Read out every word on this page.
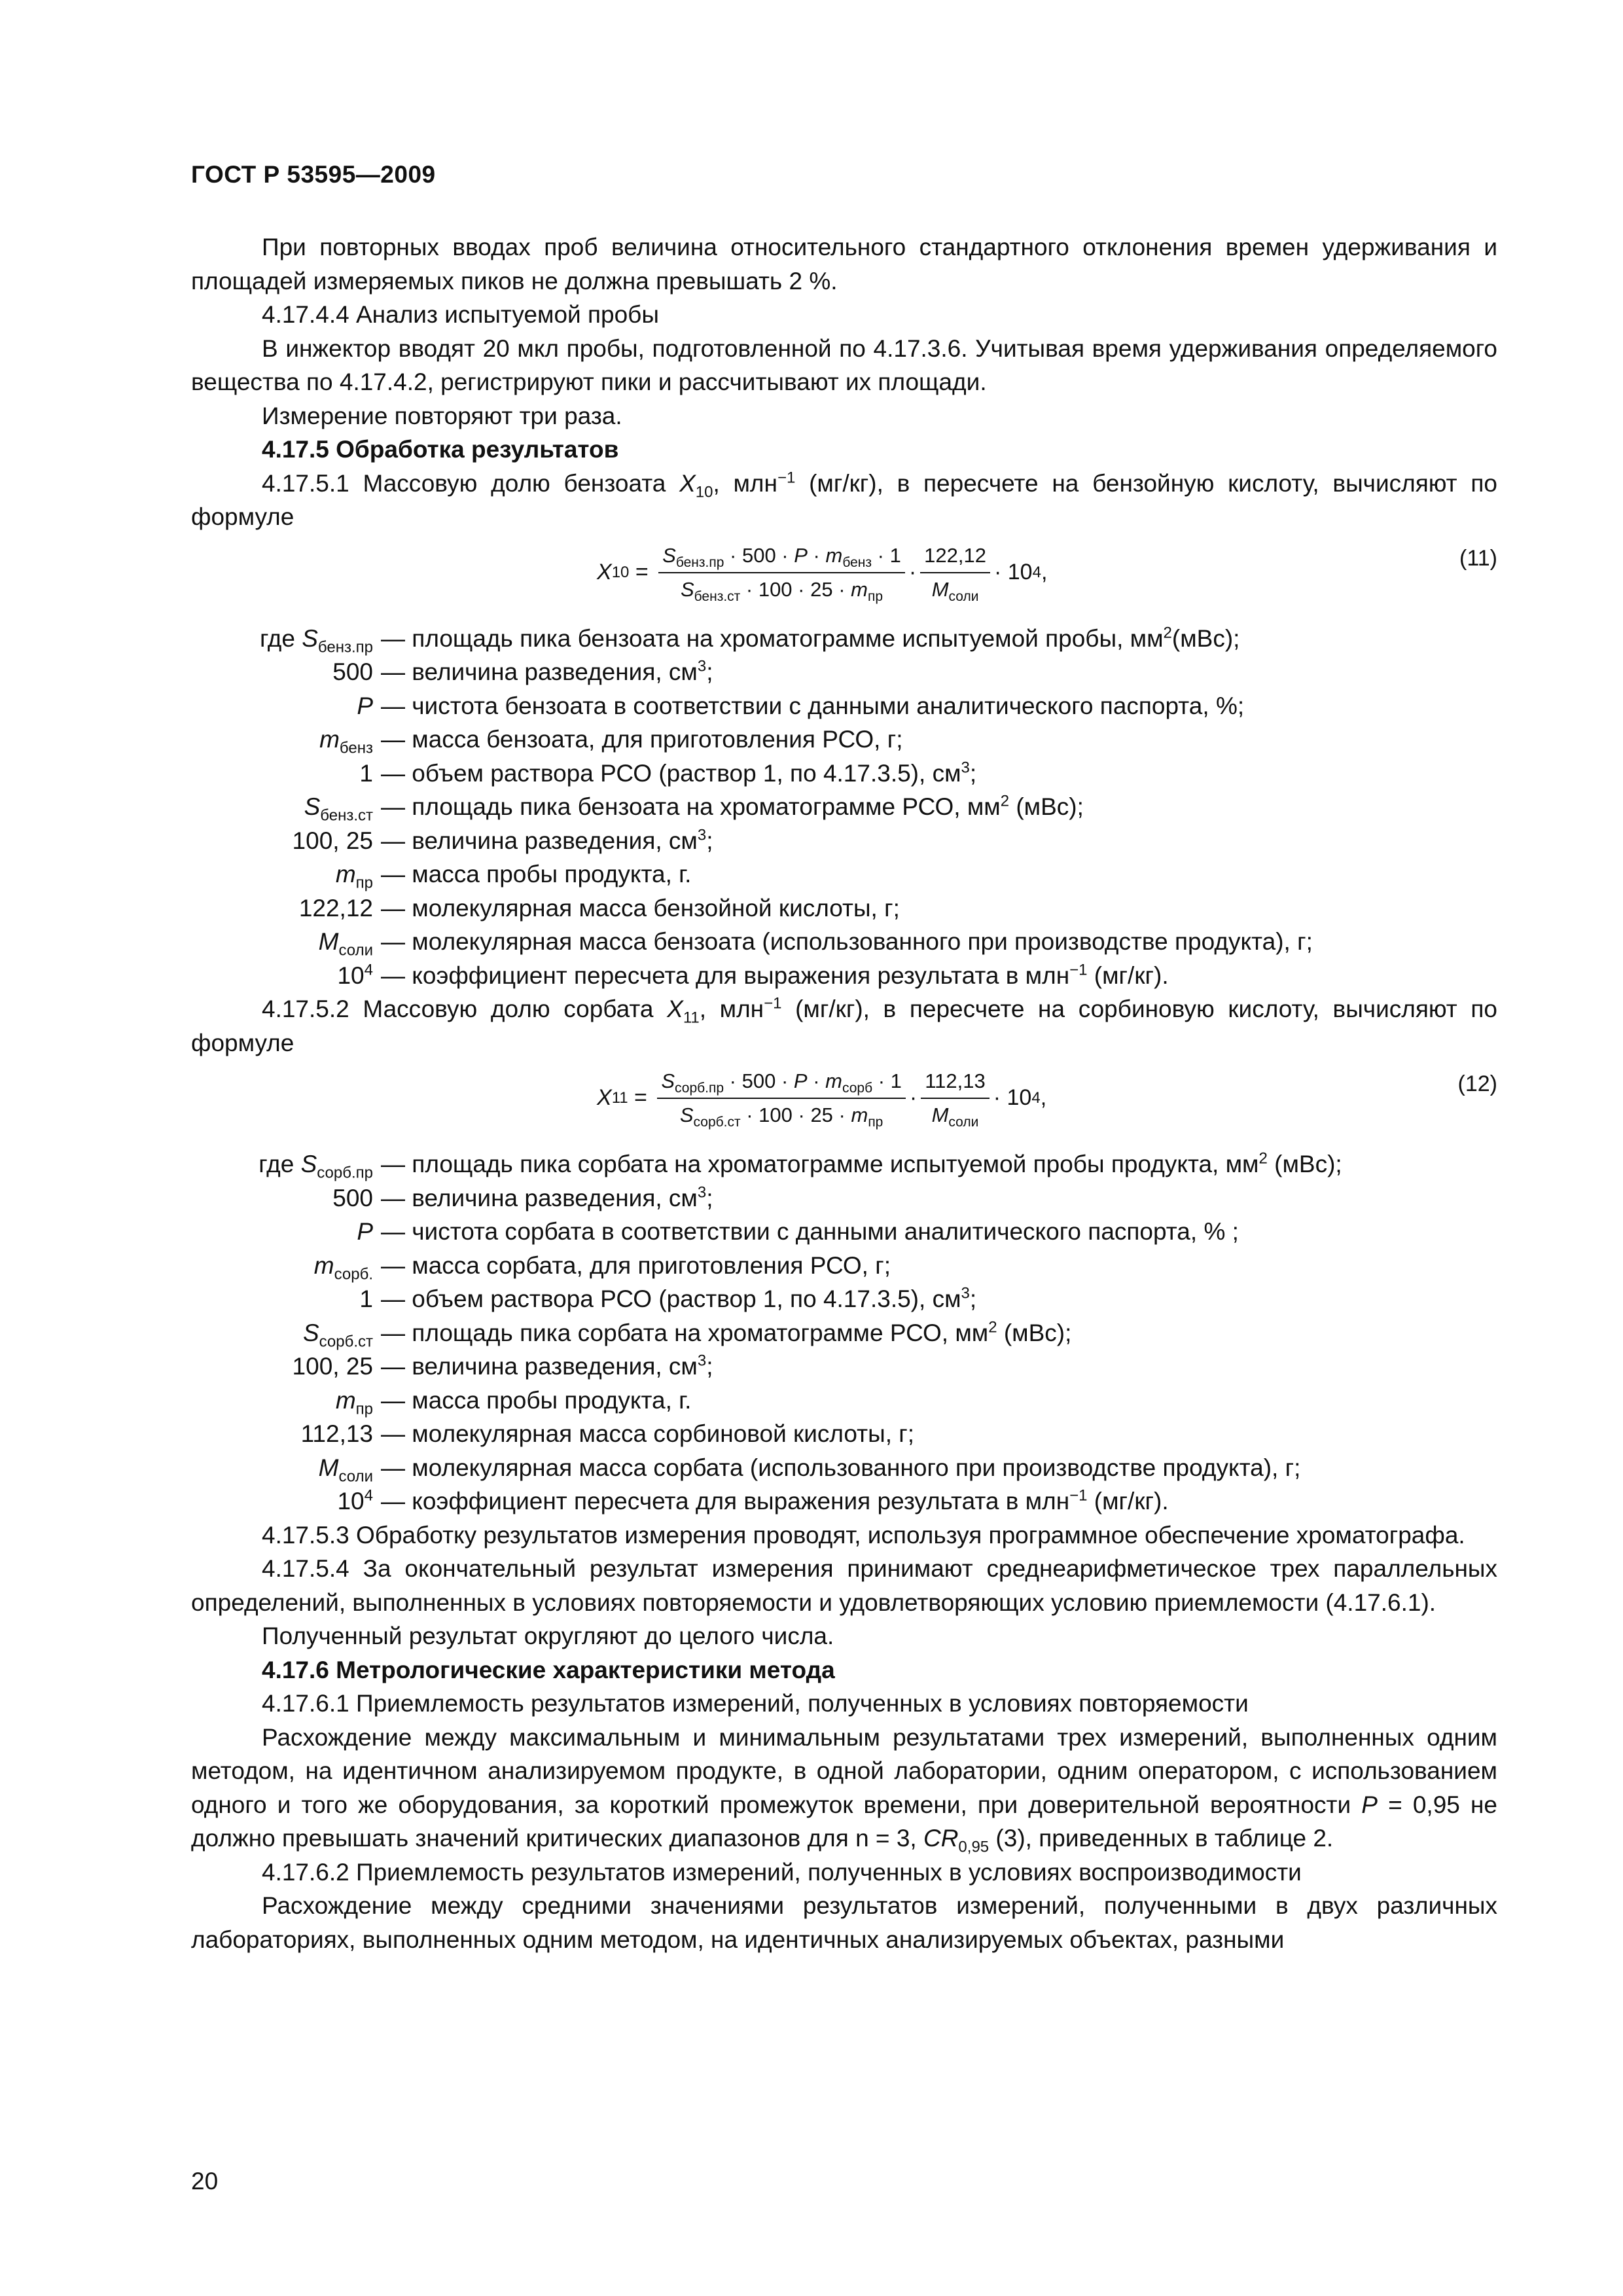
ГОСТ Р 53595—2009

При повторных вводах проб величина относительного стандартного отклонения времен удерживания и площадей измеряемых пиков не должна превышать 2 %.

4.17.4.4 Анализ испытуемой пробы

В инжектор вводят 20 мкл пробы, подготовленной по 4.17.3.6. Учитывая время удерживания определяемого вещества по 4.17.4.2, регистрируют пики и рассчитывают их площади.

Измерение повторяют три раза.

4.17.5 Обработка результатов

4.17.5.1 Массовую долю бензоата $X_{10}$, млн$^{-1}$ (мг/кг), в пересчете на бензойную кислоту, вычисляют по формуле

X $10 = \frac{S_{бенз.пр} \cdot 500 \cdot P \cdot m_{бенз} \cdot 1}{S_{бенз.ст} \cdot 100 \cdot 25 \cdot m_{пр}} \cdot \frac{122,12}{M_{соли}} \cdot 10$ 4 ,
(11)
где $S_{бенз.пр}$ — площадь пика бензоата на хроматограмме испытуемой пробы, $мм^2(мВс)$;
500 — величина разведения, $см^3$;
P — чистота бензоата в соответствии с данными аналитического паспорта, %;
$m_{бенз}$ — масса бензоата, для приготовления РСО, г;
1 — объем раствора РСО (раствор 1, по 4.17.3.5), $см^3$;
$S_{бенз.ст}$ — площадь пика бензоата на хроматограмме РСО, $мм^2$ (мВс);
100, 25 — величина разведения, $см^3$;
$m_{пр}$ — масса пробы продукта, г.
122,12 — молекулярная масса бензойной кислоты, г;
$M_{соли}$ — молекулярная масса бензоата (использованного при производстве продукта), г;
$10^4$ — коэффициент пересчета для выражения результата в млн$^{-1}$ (мг/кг).

4.17.5.2 Массовую долю сорбата $X_{11}$, млн$^{-1}$ (мг/кг), в пересчете на сорбиновую кислоту, вычисляют по формуле

X $11 = \frac{S_{сорб.пр} \cdot 500 \cdot P \cdot m_{сорб} \cdot 1}{S_{сорб.ст} \cdot 100 \cdot 25 \cdot m_{пр}} \cdot \frac{112,13}{M_{соли}} \cdot 10$ 4 ,
(12)
где $S_{сорб.пр}$ — площадь пика сорбата на хроматограмме испытуемой пробы продукта, $мм^2$ (мВс);
500 — величина разведения, $см^3$;
P — чистота сорбата в соответствии с данными аналитического паспорта, % ;
$m_{сорб.}$ — масса сорбата, для приготовления РСО, г;
1 — объем раствора РСО (раствор 1, по 4.17.3.5), $см^3$;
$S_{сорб.ст}$ — площадь пика сорбата на хроматограмме РСО, $мм^2$ (мВс);
100, 25 — величина разведения, $см^3$;
$m_{пр}$ — масса пробы продукта, г.
112,13 — молекулярная масса сорбиновой кислоты, г;
$M_{соли}$ — молекулярная масса сорбата (использованного при производстве продукта), г;
$10^4$ — коэффициент пересчета для выражения результата в млн$^{-1}$ (мг/кг).

4.17.5.3 Обработку результатов измерения проводят, используя программное обеспечение хроматографа.

4.17.5.4 За окончательный результат измерения принимают среднеарифметическое трех параллельных определений, выполненных в условиях повторяемости и удовлетворяющих условию приемлемости (4.17.6.1).

Полученный результат округляют до целого числа.

4.17.6 Метрологические характеристики метода

4.17.6.1 Приемлемость результатов измерений, полученных в условиях повторяемости

Расхождение между максимальным и минимальным результатами трех измерений, выполненных одним методом, на идентичном анализируемом продукте, в одной лаборатории, одним оператором, с использованием одного и того же оборудования, за короткий промежуток времени, при доверительной вероятности P = 0,95 не должно превышать значений критических диапазонов для n = 3, $CR_{0,95}$ (3), приведенных в таблице 2.

4.17.6.2 Приемлемость результатов измерений, полученных в условиях воспроизводимости

Расхождение между средними значениями результатов измерений, полученными в двух различных лабораториях, выполненных одним методом, на идентичных анализируемых объектах, разными

20
